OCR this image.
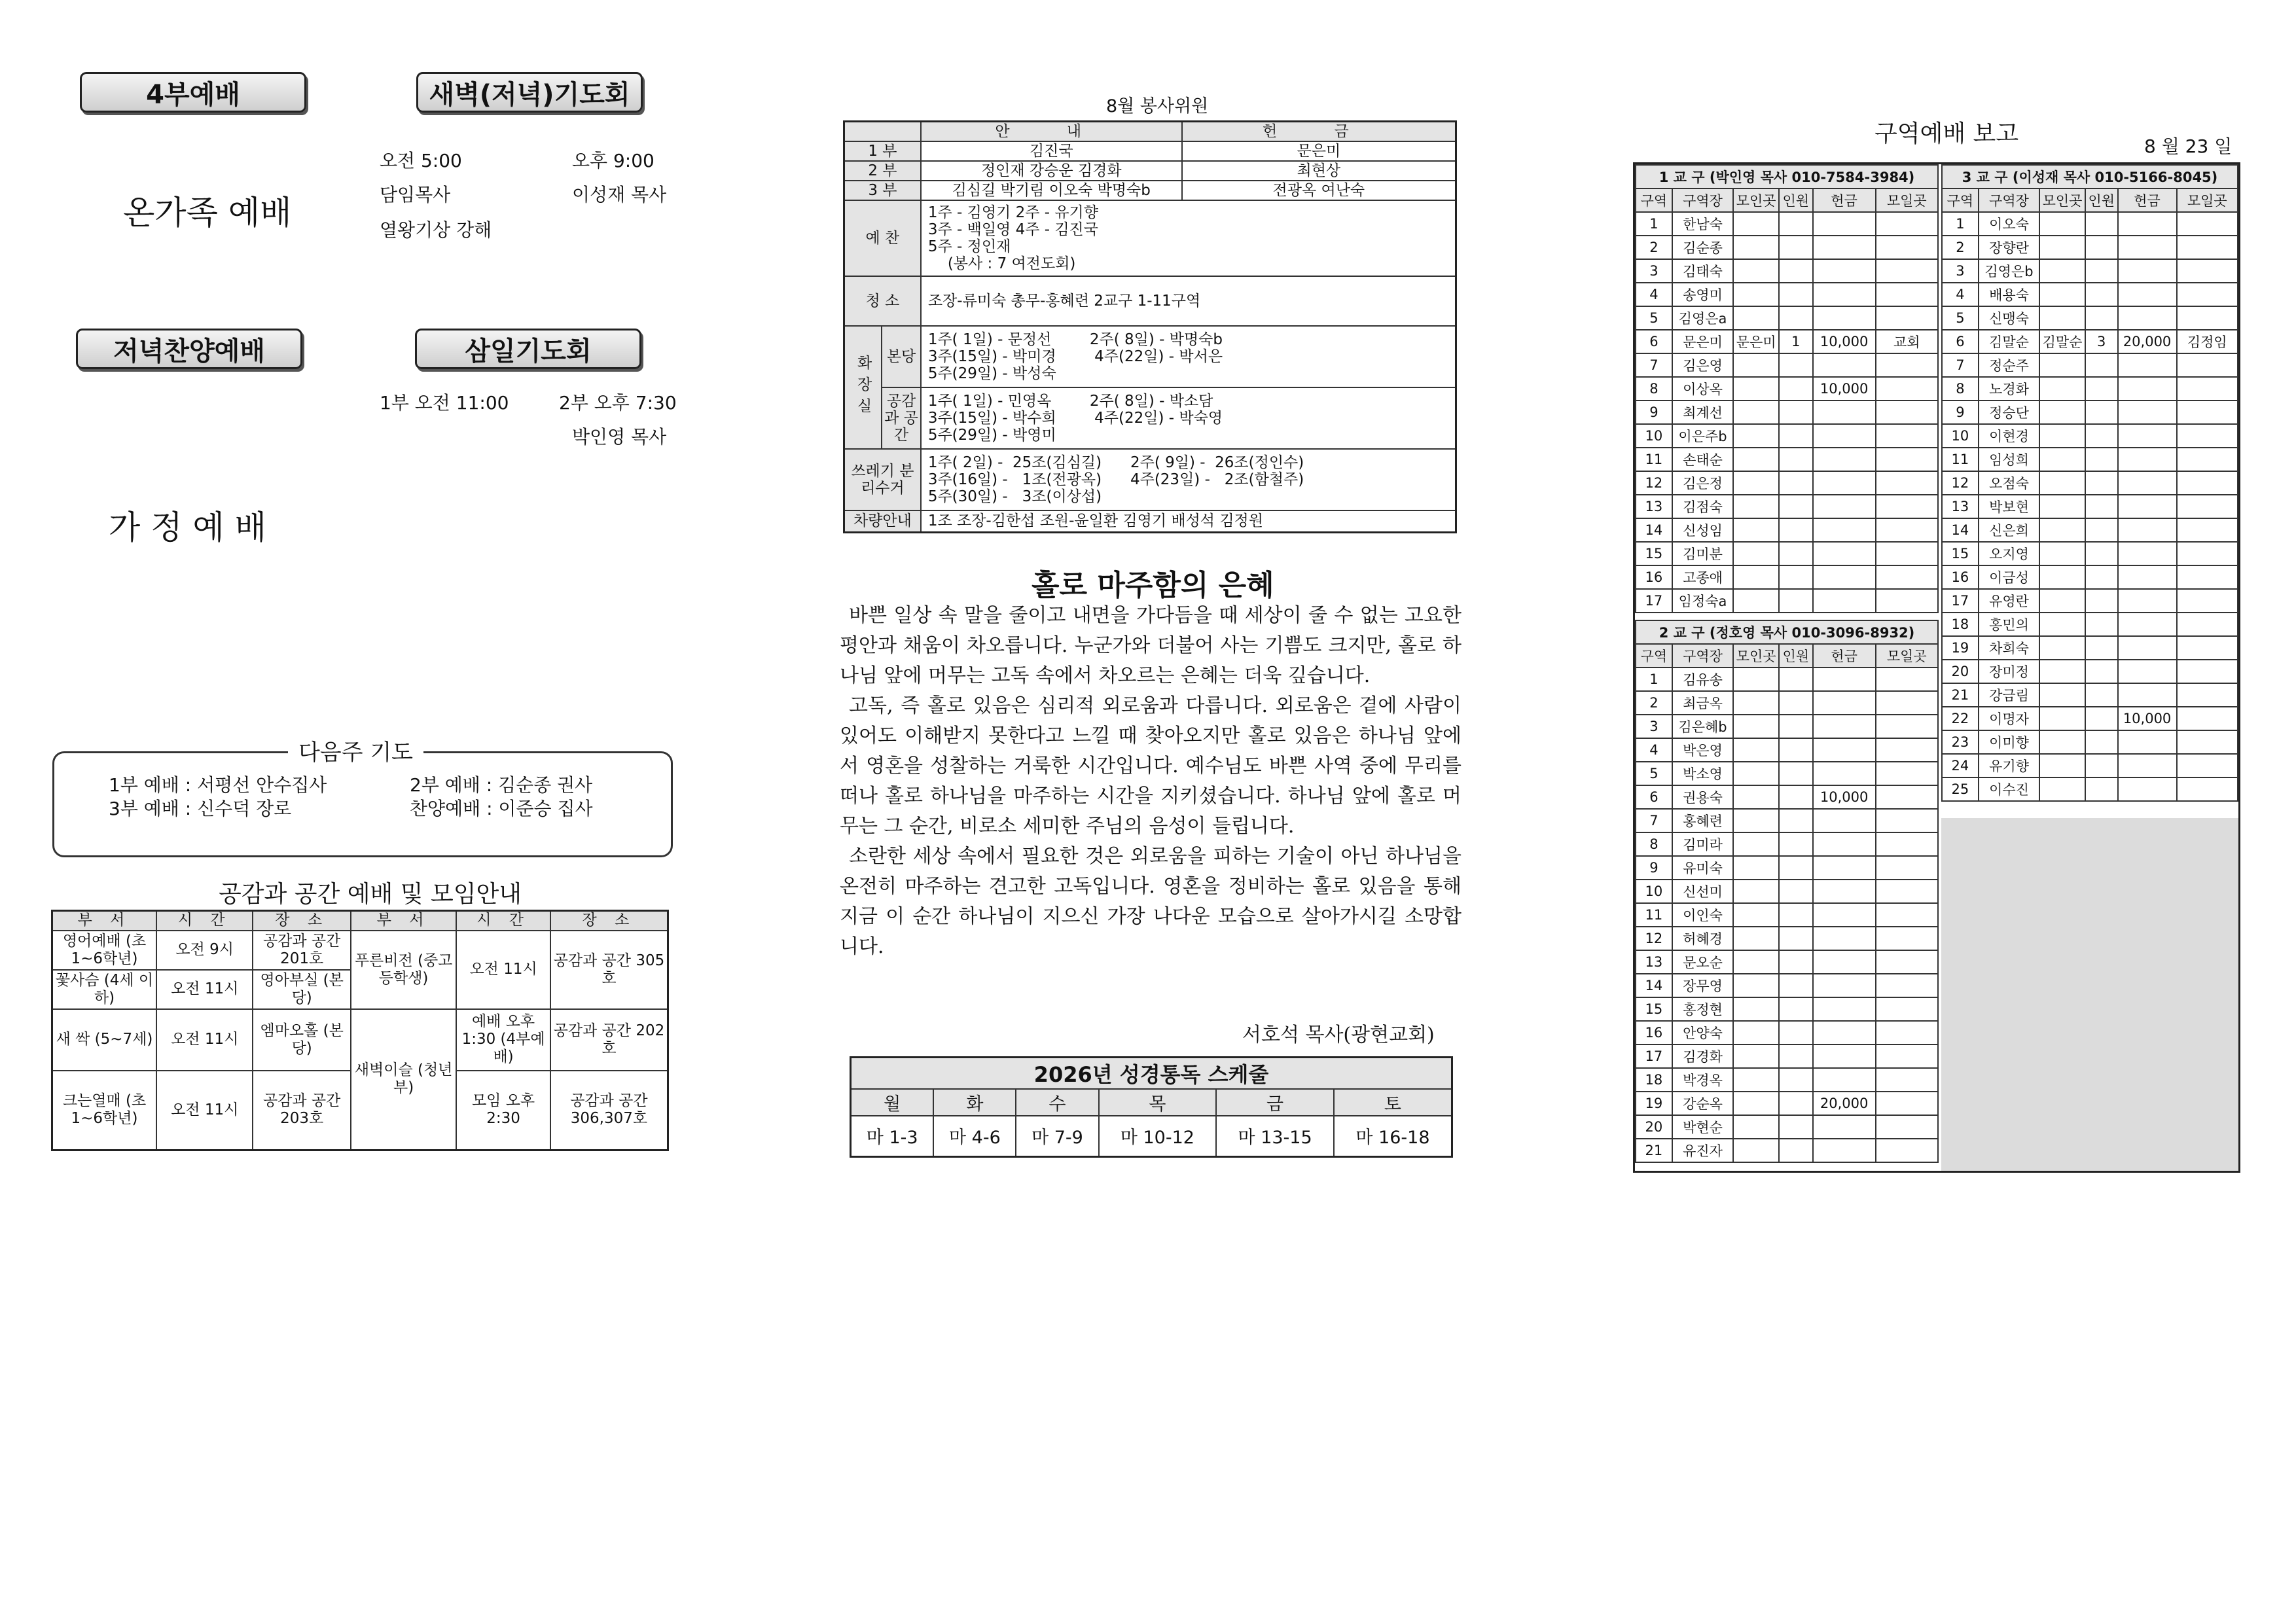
4부예배	새벽(저녁)기도회
온가족 예배
오전 5:00	오후 9:00
담임목사	이성재 목사
열왕기상 강해
저녁찬양예배	삼일기도회
1부 오전 11:00	2부 오후 7:30
박인영 목사
가 정 예 배
다음주 기도
1부 예배 : 서평선 안수집사	2부 예배 : 김순종 권사
3부 예배 : 신수덕 장로	찬양예배 : 이준승 집사
공감과 공간 예배 및 모임안내
부 서	시 간	장 소	부 서	시 간	장 소
영어예배 (초1~6학년)	오전 9시	공감과 공간 201호	푸른비전 (중고등학생)	오전 11시	공감과 공간 305호
꽃사슴 (4세 이하)	오전 11시	영아부실 (본당)			
새 싹 (5~7세)	오전 11시	엠마오홀 (본당)	새벽이슬 (청년부)	예배 오후 1:30 (4부예배)	공감과 공간 202호
크는열매 (초1~6학년)	오전 11시	공감과 공간 203호		모임 오후 2:30	공감과 공간 306,307호
8월 봉사위원
		안 내	헌 금
1 부		김진국	문은미
2 부		정인재 강승운 김경화	최현상
3 부		김심길 박기림 이오숙 박명숙b	전광옥 여난숙
예 찬		1주 - 김영기 2주 - 유기향
3주 - 백일영 4주 - 김진국
5주 - 정인재
(봉사 : 7 여전도회)	

청 소		조장-류미숙 총무-홍혜련 2교구 1-11구역	
화장실	본당	1주( 1일) - 문정선        2주( 8일) - 박명숙b
3주(15일) - 박미경        4주(22일) - 박서은
5주(29일) - 박성숙	

	공감과 공간	1주( 1일) - 민영옥        2주( 8일) - 박소담
3주(15일) - 박수희        4주(22일) - 박숙영
5주(29일) - 박영미	

쓰레기 분리수거		1주( 2일) -  25조(김심길)      2주( 9일) -  26조(정인수)
3주(16일) -   1조(전광옥)      4주(23일) -   2조(함철주)
5주(30일) -   3조(이상섭)	

차량안내		1조 조장-김한섭 조원-윤일환 김영기 배성석 김정원	
홀로 마주함의 은혜

바쁜 일상 속 말을 줄이고 내면을 가다듬을 때 세상이 줄 수 없는 고요한 평안과 채움이 차오릅니다. 누군가와 더불어 사는 기쁨도 크지만, 홀로 하나님 앞에 머무는 고독 속에서 차오르는 은혜는 더욱 깊습니다.

고독, 즉 홀로 있음은 심리적 외로움과 다릅니다. 외로움은 곁에 사람이 있어도 이해받지 못한다고 느낄 때 찾아오지만 홀로 있음은 하나님 앞에서 영혼을 성찰하는 거룩한 시간입니다. 예수님도 바쁜 사역 중에 무리를 떠나 홀로 하나님을 마주하는 시간을 지키셨습니다. 하나님 앞에 홀로 머무는 그 순간, 비로소 세미한 주님의 음성이 들립니다.

소란한 세상 속에서 필요한 것은 외로움을 피하는 기술이 아닌 하나님을 온전히 마주하는 견고한 고독입니다. 영혼을 정비하는 홀로 있음을 통해 지금 이 순간 하나님이 지으신 가장 나다운 모습으로 살아가시길 소망합니다.

서호석 목사(광현교회)
2026년 성경통독 스케줄					
월	화	수	목	금	토
마 1-3	마 4-6	마 7-9	마 10-12	마 13-15	마 16-18
구역예배 보고	8 월 23 일
1 교 구 (박인영 목사 010-7584-3984)					
구역	구역장	모인곳	인원	헌금	모일곳
1	한남숙				
2	김순종				
3	김태숙				
4	송영미				
5	김영은a				
6	문은미	문은미	1	10,000	교회
7	김은영				
8	이상옥			10,000	
9	최계선				
10	이은주b				
11	손태순				
12	김은정				
13	김점숙				
14	신성임				
15	김미분				
16	고종애				
17	임정숙a				
2 교 구 (정호영 목사 010-3096-8932)					
구역	구역장	모인곳	인원	헌금	모일곳
1	김유송				
2	최금옥				
3	김은혜b				
4	박은영				
5	박소영				
6	권용숙			10,000	
7	홍혜련				
8	김미라				
9	유미숙				
10	신선미				
11	이인숙				
12	허혜경				
13	문오순				
14	장무영				
15	홍정현				
16	안양숙				
17	김경화				
18	박경옥				
19	강순옥			20,000	
20	박현순				
21	유진자				
3 교 구 (이성재 목사 010-5166-8045)					
구역	구역장	모인곳	인원	헌금	모일곳
1	이오숙				
2	장향란				
3	김영은b				
4	배용숙				
5	신맹숙				
6	김말순	김말순	3	20,000	김정임
7	정순주				
8	노경화				
9	정승단				
10	이현경				
11	임성희				
12	오점숙				
13	박보현				
14	신은희				
15	오지영				
16	이금성				
17	유영란				
18	홍민의				
19	차희숙				
20	장미정				
21	강금림				
22	이명자			10,000	
23	이미향				
24	유기향				
25	이수진				
